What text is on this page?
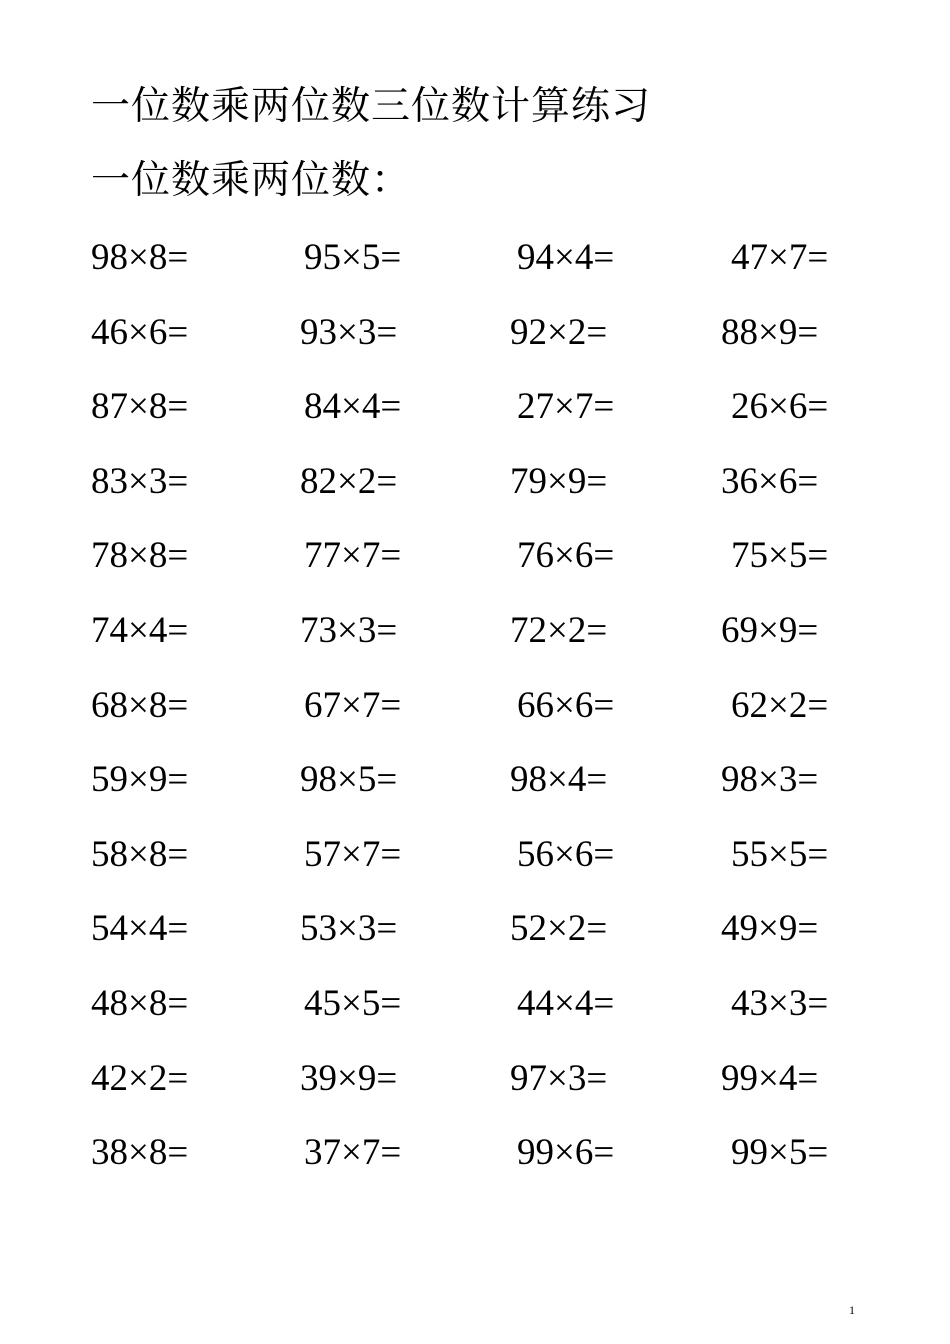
一位数乘两位数三位数计算练习
一位数乘两位数：
98×8=	95×5=	94×4=	47×7=
46×6=	93×3=	92×2=	88×9=
87×8=	84×4=	27×7=	26×6=
83×3=	82×2=	79×9=	36×6=
78×8=	77×7=	76×6=	75×5=
74×4=	73×3=	72×2=	69×9=
68×8=	67×7=	66×6=	62×2=
59×9=	98×5=	98×4=	98×3=
58×8=	57×7=	56×6=	55×5=
54×4=	53×3=	52×2=	49×9=
48×8=	45×5=	44×4=	43×3=
42×2=	39×9=	97×3=	99×4=
38×8=	37×7=	99×6=	99×5=
1
